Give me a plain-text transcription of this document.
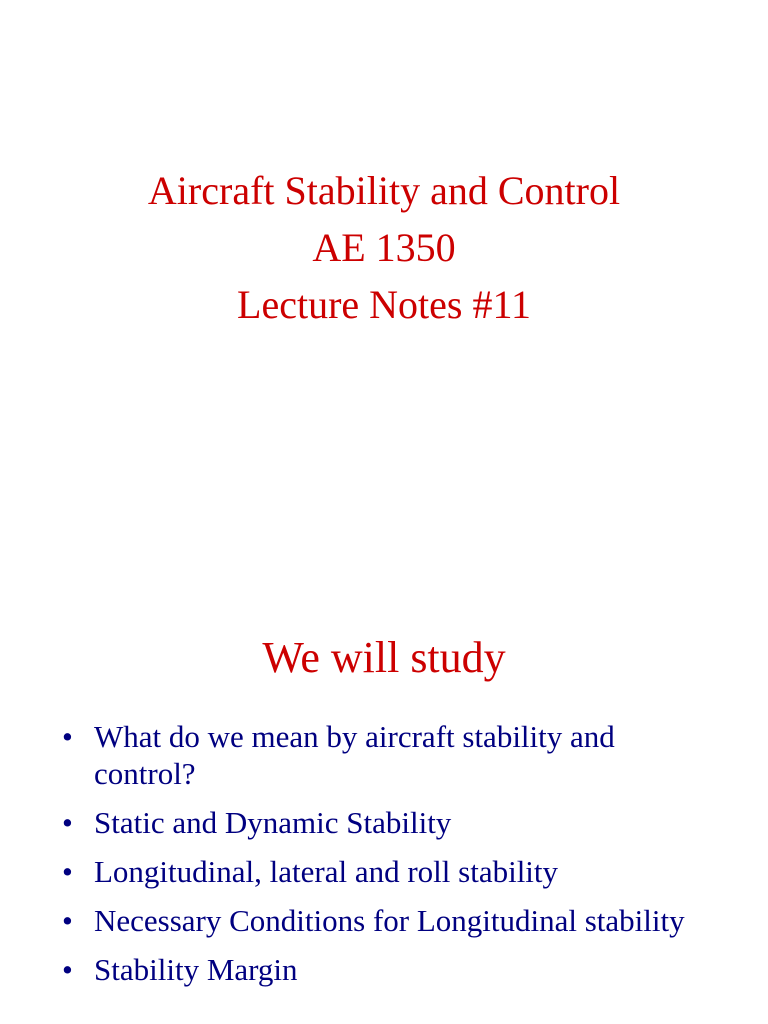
Aircraft Stability and Control
AE 1350
Lecture Notes #11
We will study
• What do we mean by aircraft stability and control?
• Static and Dynamic Stability
• Longitudinal, lateral and roll stability
• Necessary Conditions for Longitudinal stability
• Stability Margin
